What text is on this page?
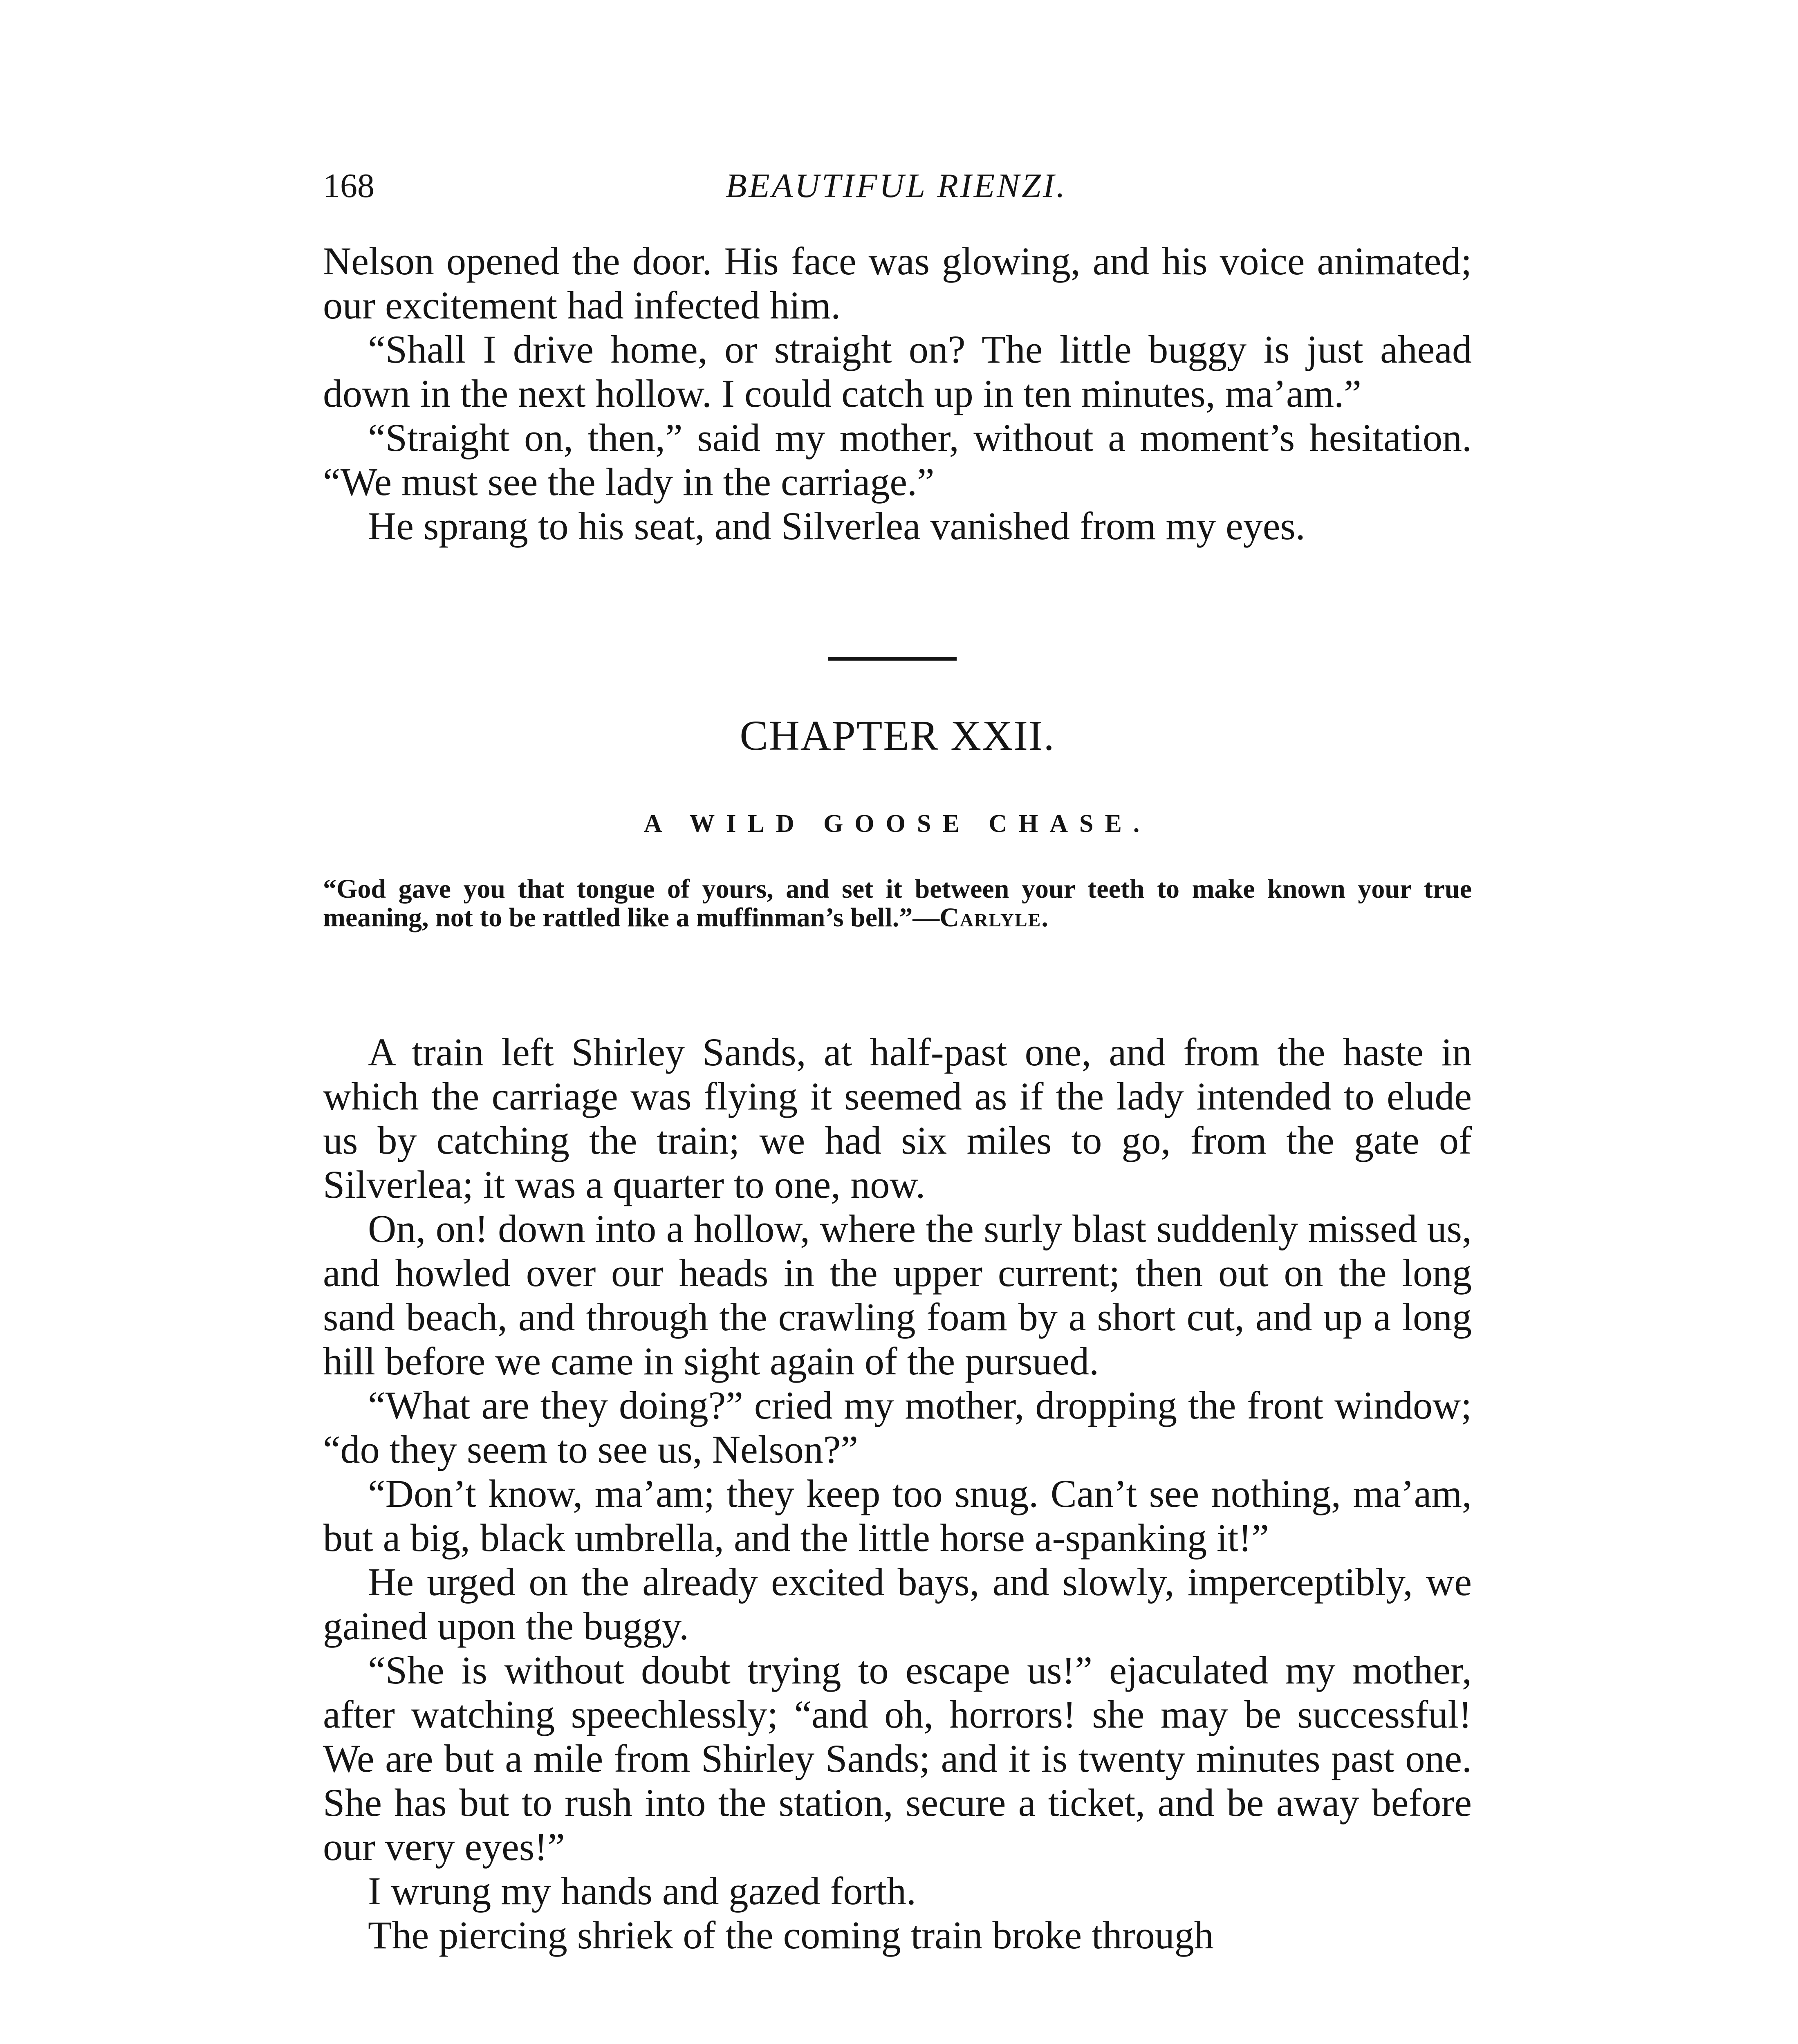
168	BEAUTIFUL RIENZI.

Nelson opened the door. His face was glowing, and his voice animated; our excitement had infected him.

“Shall I drive home, or straight on? The little buggy is just ahead down in the next hollow. I could catch up in ten minutes, ma’am.”

“Straight on, then,” said my mother, without a moment’s hesitation. “We must see the lady in the carriage.”

He sprang to his seat, and Silverlea vanished from my eyes.

CHAPTER XXII.
A WILD GOOSE CHASE.
“God gave you that tongue of yours, and set it between your teeth to make known your true meaning, not to be rattled like a muffinman’s bell.”—Carlyle.

A train left Shirley Sands, at half-past one, and from the haste in which the carriage was flying it seemed as if the lady intended to elude us by catching the train; we had six miles to go, from the gate of Silverlea; it was a quarter to one, now.

On, on! down into a hollow, where the surly blast suddenly missed us, and howled over our heads in the upper current; then out on the long sand beach, and through the crawling foam by a short cut, and up a long hill before we came in sight again of the pursued.

“What are they doing?” cried my mother, dropping the front window; “do they seem to see us, Nelson?”

“Don’t know, ma’am; they keep too snug. Can’t see nothing, ma’am, but a big, black umbrella, and the little horse a-spanking it!”

He urged on the already excited bays, and slowly, imperceptibly, we gained upon the buggy.

“She is without doubt trying to escape us!” ejaculated my mother, after watching speechlessly; “and oh, horrors! she may be successful! We are but a mile from Shirley Sands; and it is twenty minutes past one. She has but to rush into the station, secure a ticket, and be away before our very eyes!”

I wrung my hands and gazed forth.

The piercing shriek of the coming train broke through
